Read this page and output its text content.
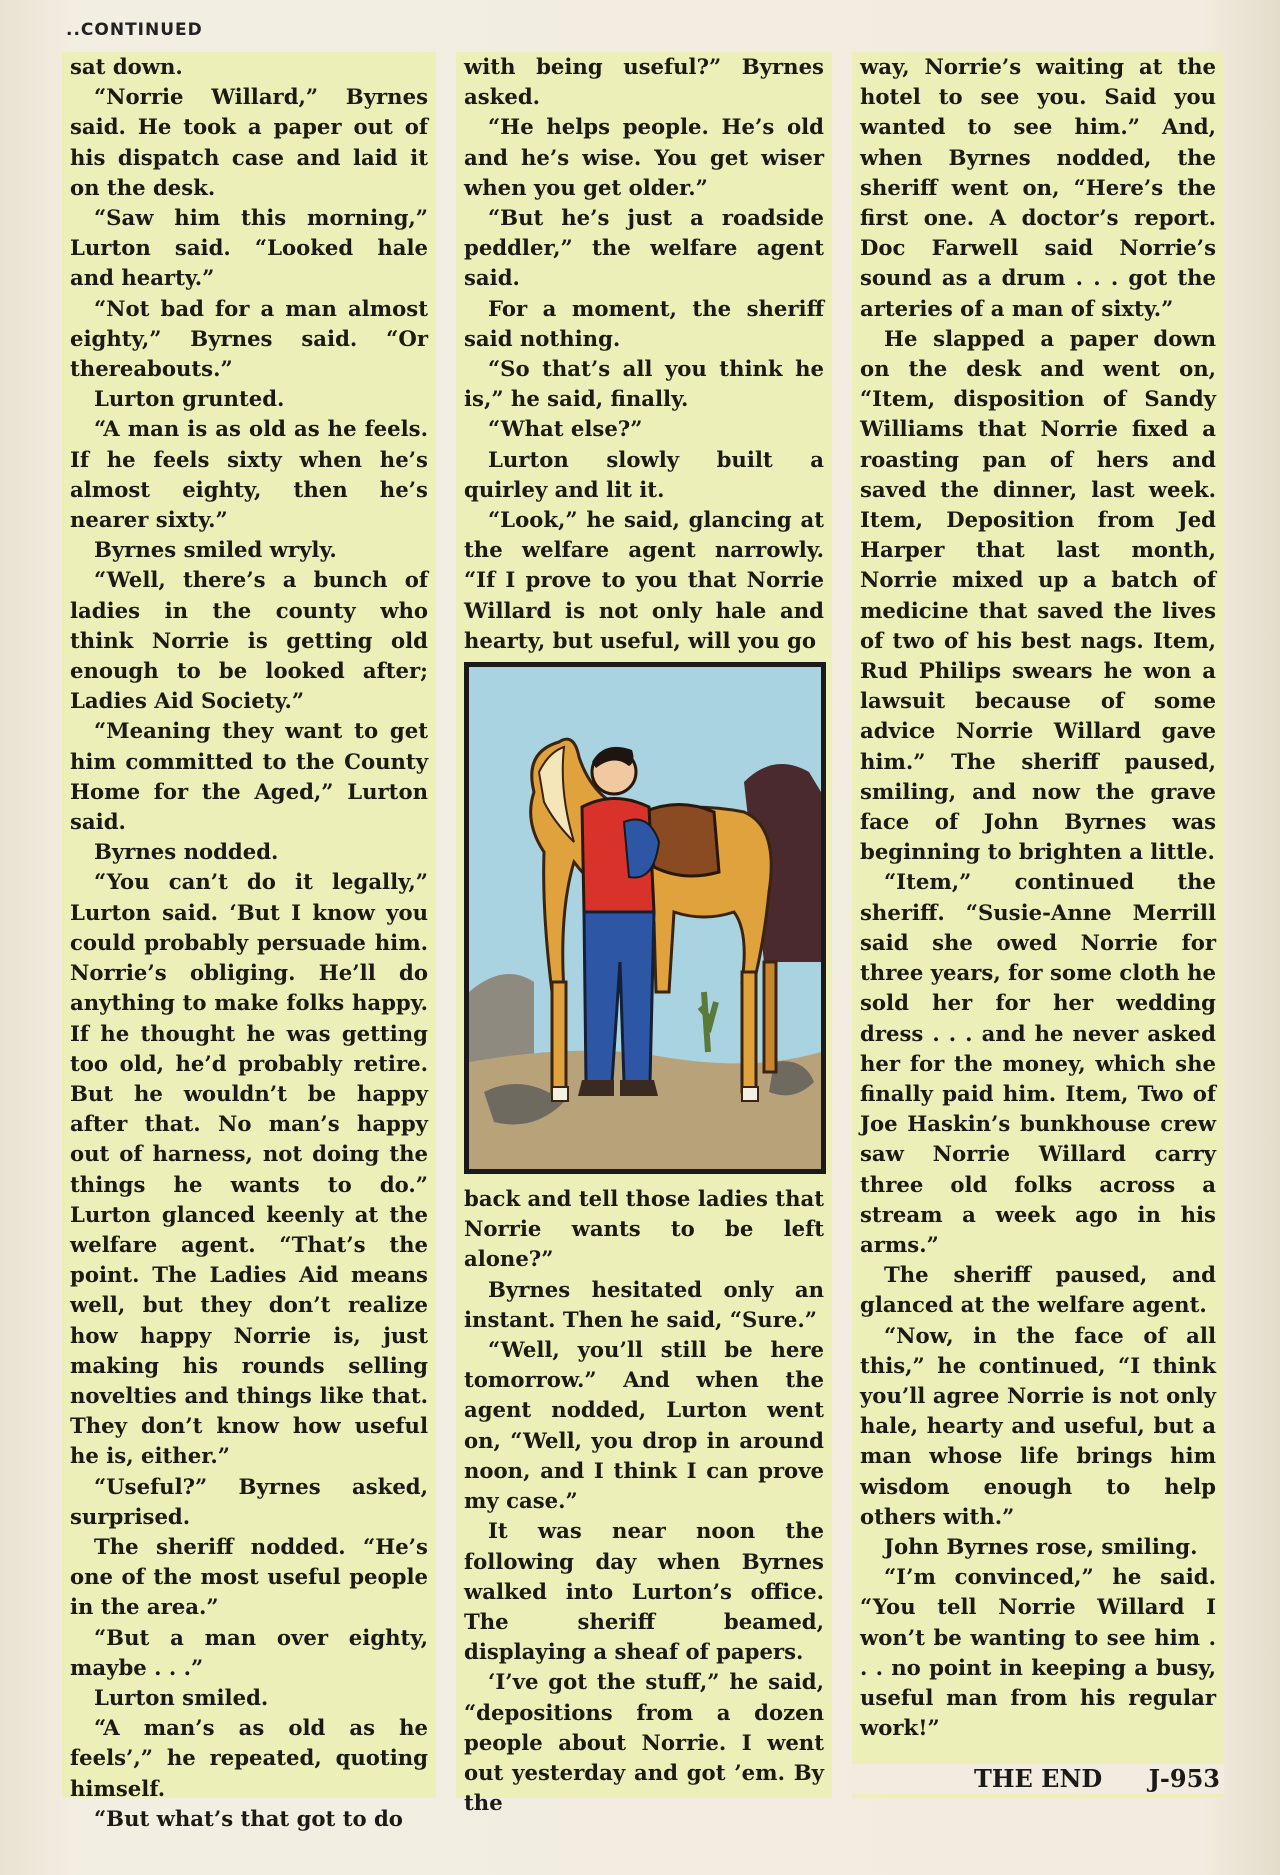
..CONTINUED

sat down.

“Norrie Willard,” Byrnes said. He took a paper out of his dispatch case and laid it on the desk.

“Saw him this morning,” Lurton said. “Looked hale and hearty.”

“Not bad for a man almost eighty,” Byrnes said. “Or thereabouts.”

Lurton grunted.

“A man is as old as he feels. If he feels sixty when he’s almost eighty, then he’s nearer sixty.”

Byrnes smiled wryly.

“Well, there’s a bunch of ladies in the county who think Norrie is getting old enough to be looked after; Ladies Aid Society.”

“Meaning they want to get him committed to the County Home for the Aged,” Lurton said.

Byrnes nodded.

“You can’t do it legally,” Lurton said. ‘But I know you could probably persuade him. Norrie’s obliging. He’ll do anything to make folks happy. If he thought he was getting too old, he’d probably retire. But he wouldn’t be happy after that. No man’s happy out of harness, not doing the things he wants to do.” Lurton glanced keenly at the welfare agent. “That’s the point. The Ladies Aid means well, but they don’t realize how happy Norrie is, just making his rounds selling novelties and things like that. They don’t know how useful he is, either.”

“Useful?” Byrnes asked, surprised.

The sheriff nodded. “He’s one of the most useful people in the area.”

“But a man over eighty, maybe . . .”

Lurton smiled.

“A man’s as old as he feels’,” he repeated, quoting himself.

“But what’s that got to do

with being useful?” Byrnes asked.

“He helps people. He’s old and he’s wise. You get wiser when you get older.”

“But he’s just a roadside peddler,” the welfare agent said.

For a moment, the sheriff said nothing.

“So that’s all you think he is,” he said, finally.

“What else?”

Lurton slowly built a quirley and lit it.

“Look,” he said, glancing at the welfare agent narrowly. “If I prove to you that Norrie Willard is not only hale and hearty, but useful, will you go

back and tell those ladies that Norrie wants to be left alone?”

Byrnes hesitated only an instant. Then he said, “Sure.”

“Well, you’ll still be here tomorrow.” And when the agent nodded, Lurton went on, “Well, you drop in around noon, and I think I can prove my case.”

It was near noon the following day when Byrnes walked into Lurton’s office. The sheriff beamed, displaying a sheaf of papers.

‘I’ve got the stuff,” he said, “depositions from a dozen people about Norrie. I went out yesterday and got ’em. By the

way, Norrie’s waiting at the hotel to see you. Said you wanted to see him.” And, when Byrnes nodded, the sheriff went on, “Here’s the first one. A doctor’s report. Doc Farwell said Norrie’s sound as a drum . . . got the arteries of a man of sixty.”

He slapped a paper down on the desk and went on, “Item, disposition of Sandy Williams that Norrie fixed a roasting pan of hers and saved the dinner, last week. Item, Deposition from Jed Harper that last month, Norrie mixed up a batch of medicine that saved the lives of two of his best nags. Item, Rud Philips swears he won a lawsuit because of some advice Norrie Willard gave him.” The sheriff paused, smiling, and now the grave face of John Byrnes was beginning to brighten a little.

“Item,” continued the sheriff. “Susie-Anne Merrill said she owed Norrie for three years, for some cloth he sold her for her wedding dress . . . and he never asked her for the money, which she finally paid him. Item, Two of Joe Haskin’s bunkhouse crew saw Norrie Willard carry three old folks across a stream a week ago in his arms.”

The sheriff paused, and glanced at the welfare agent.

“Now, in the face of all this,” he continued, “I think you’ll agree Norrie is not only hale, hearty and useful, but a man whose life brings him wisdom enough to help others with.”

John Byrnes rose, smiling.

“I’m convinced,” he said. “You tell Norrie Willard I won’t be wanting to see him . . . no point in keeping a busy, useful man from his regular work!”

THE END J-953
